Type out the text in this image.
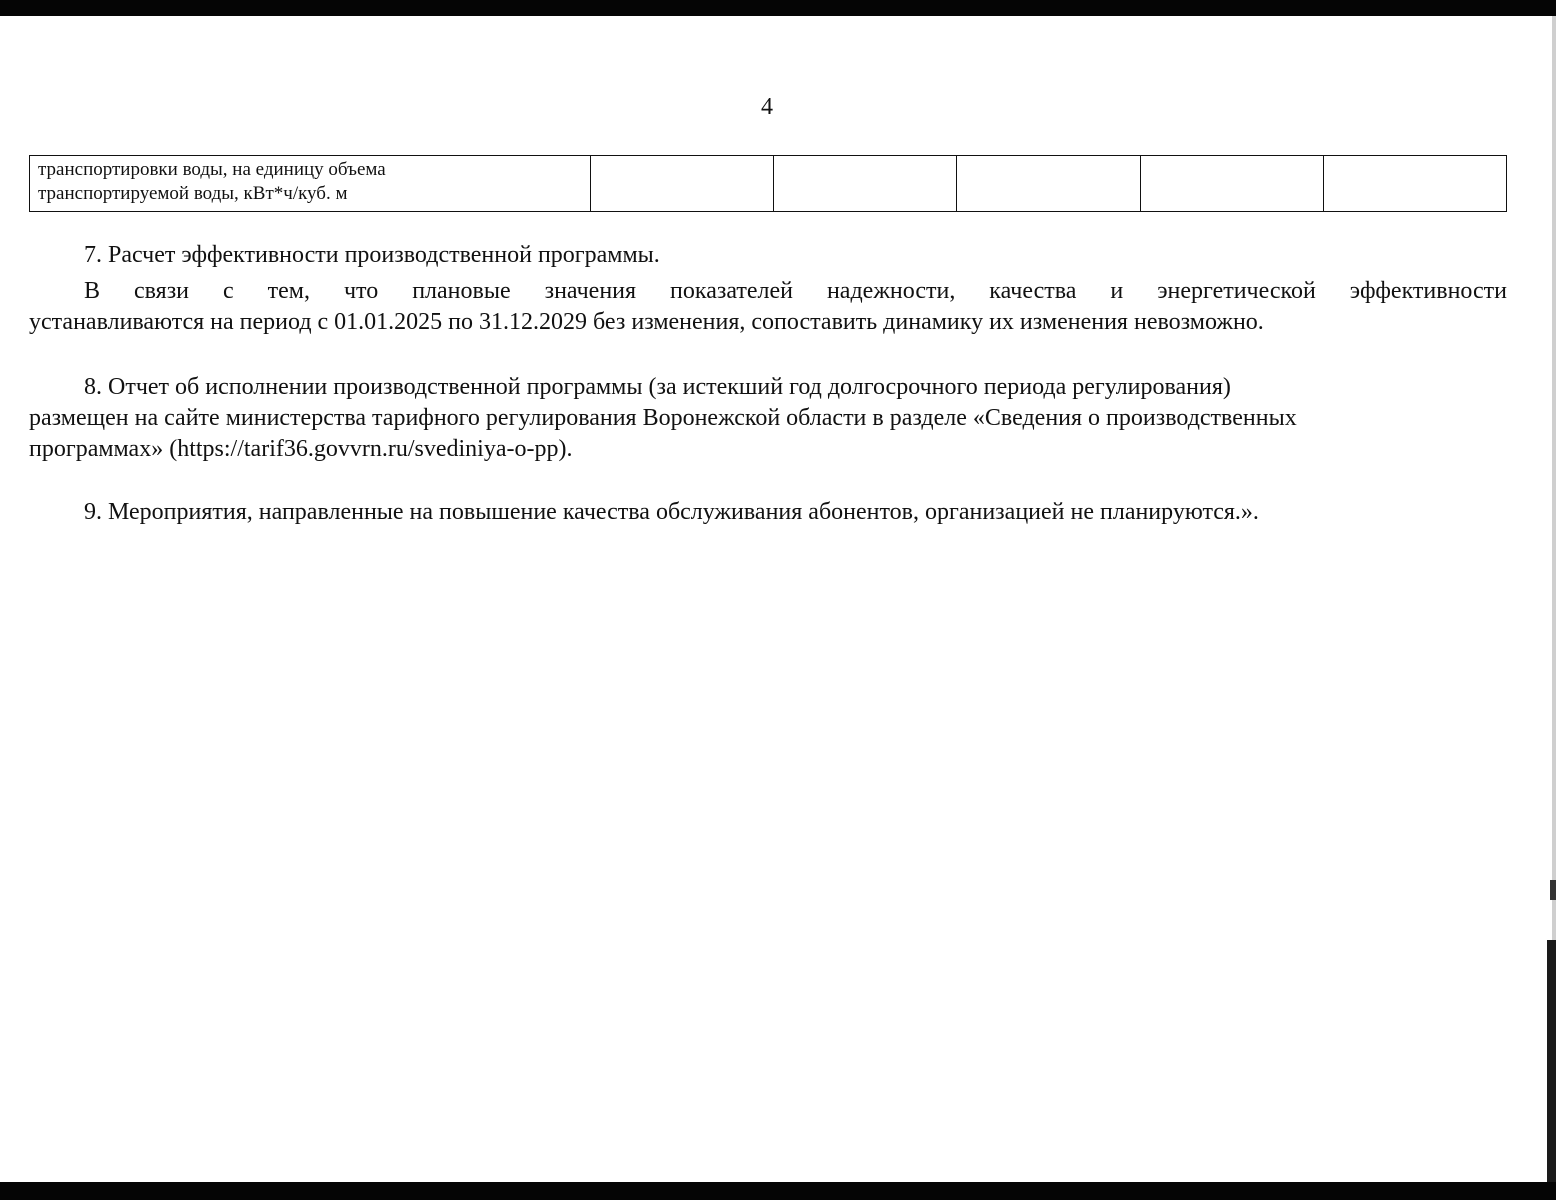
4
транспортировки воды, на единицу объема
транспортируемой воды, кВт*ч/куб. м

7. Расчет эффективности производственной программы.

В связи с тем, что плановые значения показателей надежности, качества и энергетической эффективности
устанавливаются на период с 01.01.2025 по 31.12.2029 без изменения, сопоставить динамику их изменения невозможно.
8. Отчет об исполнении производственной программы (за истекший год долгосрочного периода регулирования)
размещен на сайте министерства тарифного регулирования Воронежской области в разделе «Сведения о производственных
программах» (https://tarif36.govvrn.ru/svediniya-o-pp).

9. Мероприятия, направленные на повышение качества обслуживания абонентов, организацией не планируются.».
